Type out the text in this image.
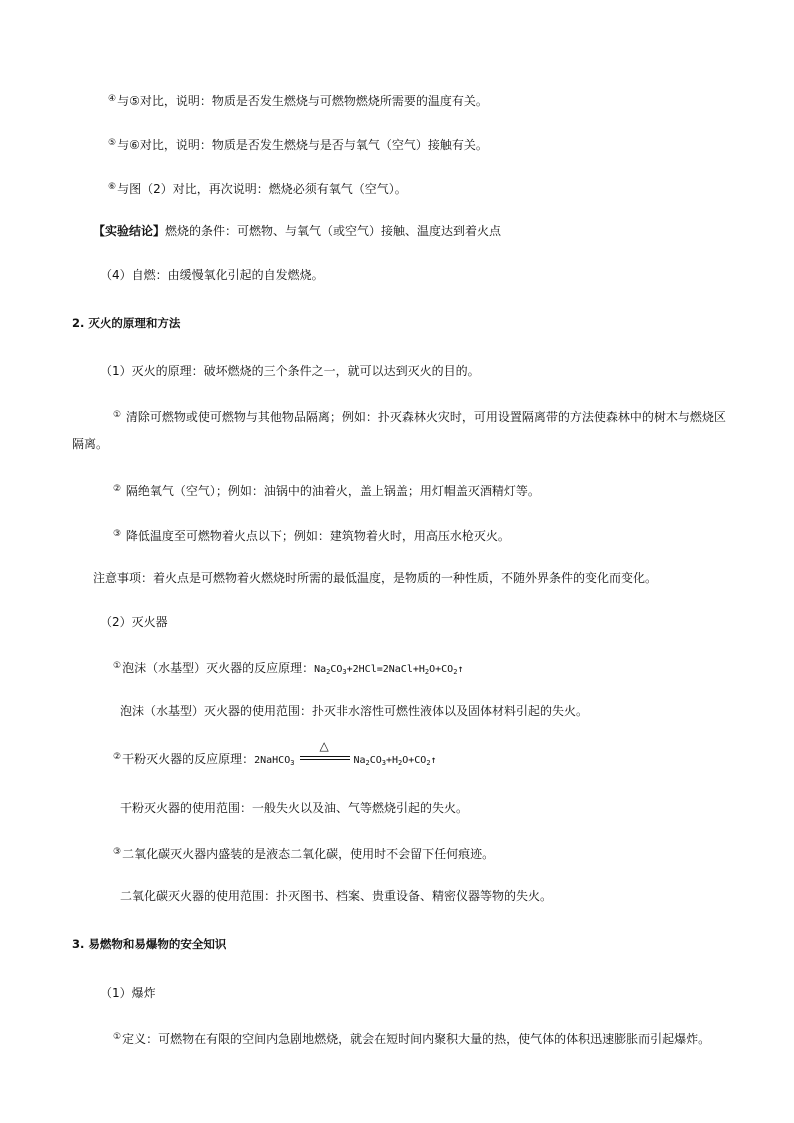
④与⑤对比，说明：物质是否发生燃烧与可燃物燃烧所需要的温度有关。
⑤与⑥对比，说明：物质是否发生燃烧与是否与氧气（空气）接触有关。
⑥与图（2）对比，再次说明：燃烧必须有氧气（空气）。
【实验结论】燃烧的条件：可燃物、与氧气（或空气）接触、温度达到着火点
（4）自燃：由缓慢氧化引起的自发燃烧。
2. 灭火的原理和方法
（1）灭火的原理：破坏燃烧的三个条件之一，就可以达到灭火的目的。
① 清除可燃物或使可燃物与其他物品隔离；例如：扑灭森林火灾时，可用设置隔离带的方法使森林中的树木与燃烧区
隔离。
② 隔绝氧气（空气）；例如：油锅中的油着火，盖上锅盖；用灯帽盖灭酒精灯等。
③ 降低温度至可燃物着火点以下；例如：建筑物着火时，用高压水枪灭火。
注意事项：着火点是可燃物着火燃烧时所需的最低温度，是物质的一种性质，不随外界条件的变化而变化。
（2）灭火器
①泡沫（水基型）灭火器的反应原理：$Na_2CO_3+2HCl=2NaCl+H_2O+CO_2↑$
泡沫（水基型）灭火器的使用范围：扑灭非水溶性可燃性液体以及固体材料引起的失火。
②干粉灭火器的反应原理：2NaHCO$_3$
△
$Na_2CO_3+H_2O+CO_2↑$
干粉灭火器的使用范围：一般失火以及油、气等燃烧引起的失火。
③二氧化碳灭火器内盛装的是液态二氧化碳，使用时不会留下任何痕迹。
二氧化碳灭火器的使用范围：扑灭图书、档案、贵重设备、精密仪器等物的失火。
3. 易燃物和易爆物的安全知识
（1）爆炸
①定义：可燃物在有限的空间内急剧地燃烧，就会在短时间内聚积大量的热，使气体的体积迅速膨胀而引起爆炸。
